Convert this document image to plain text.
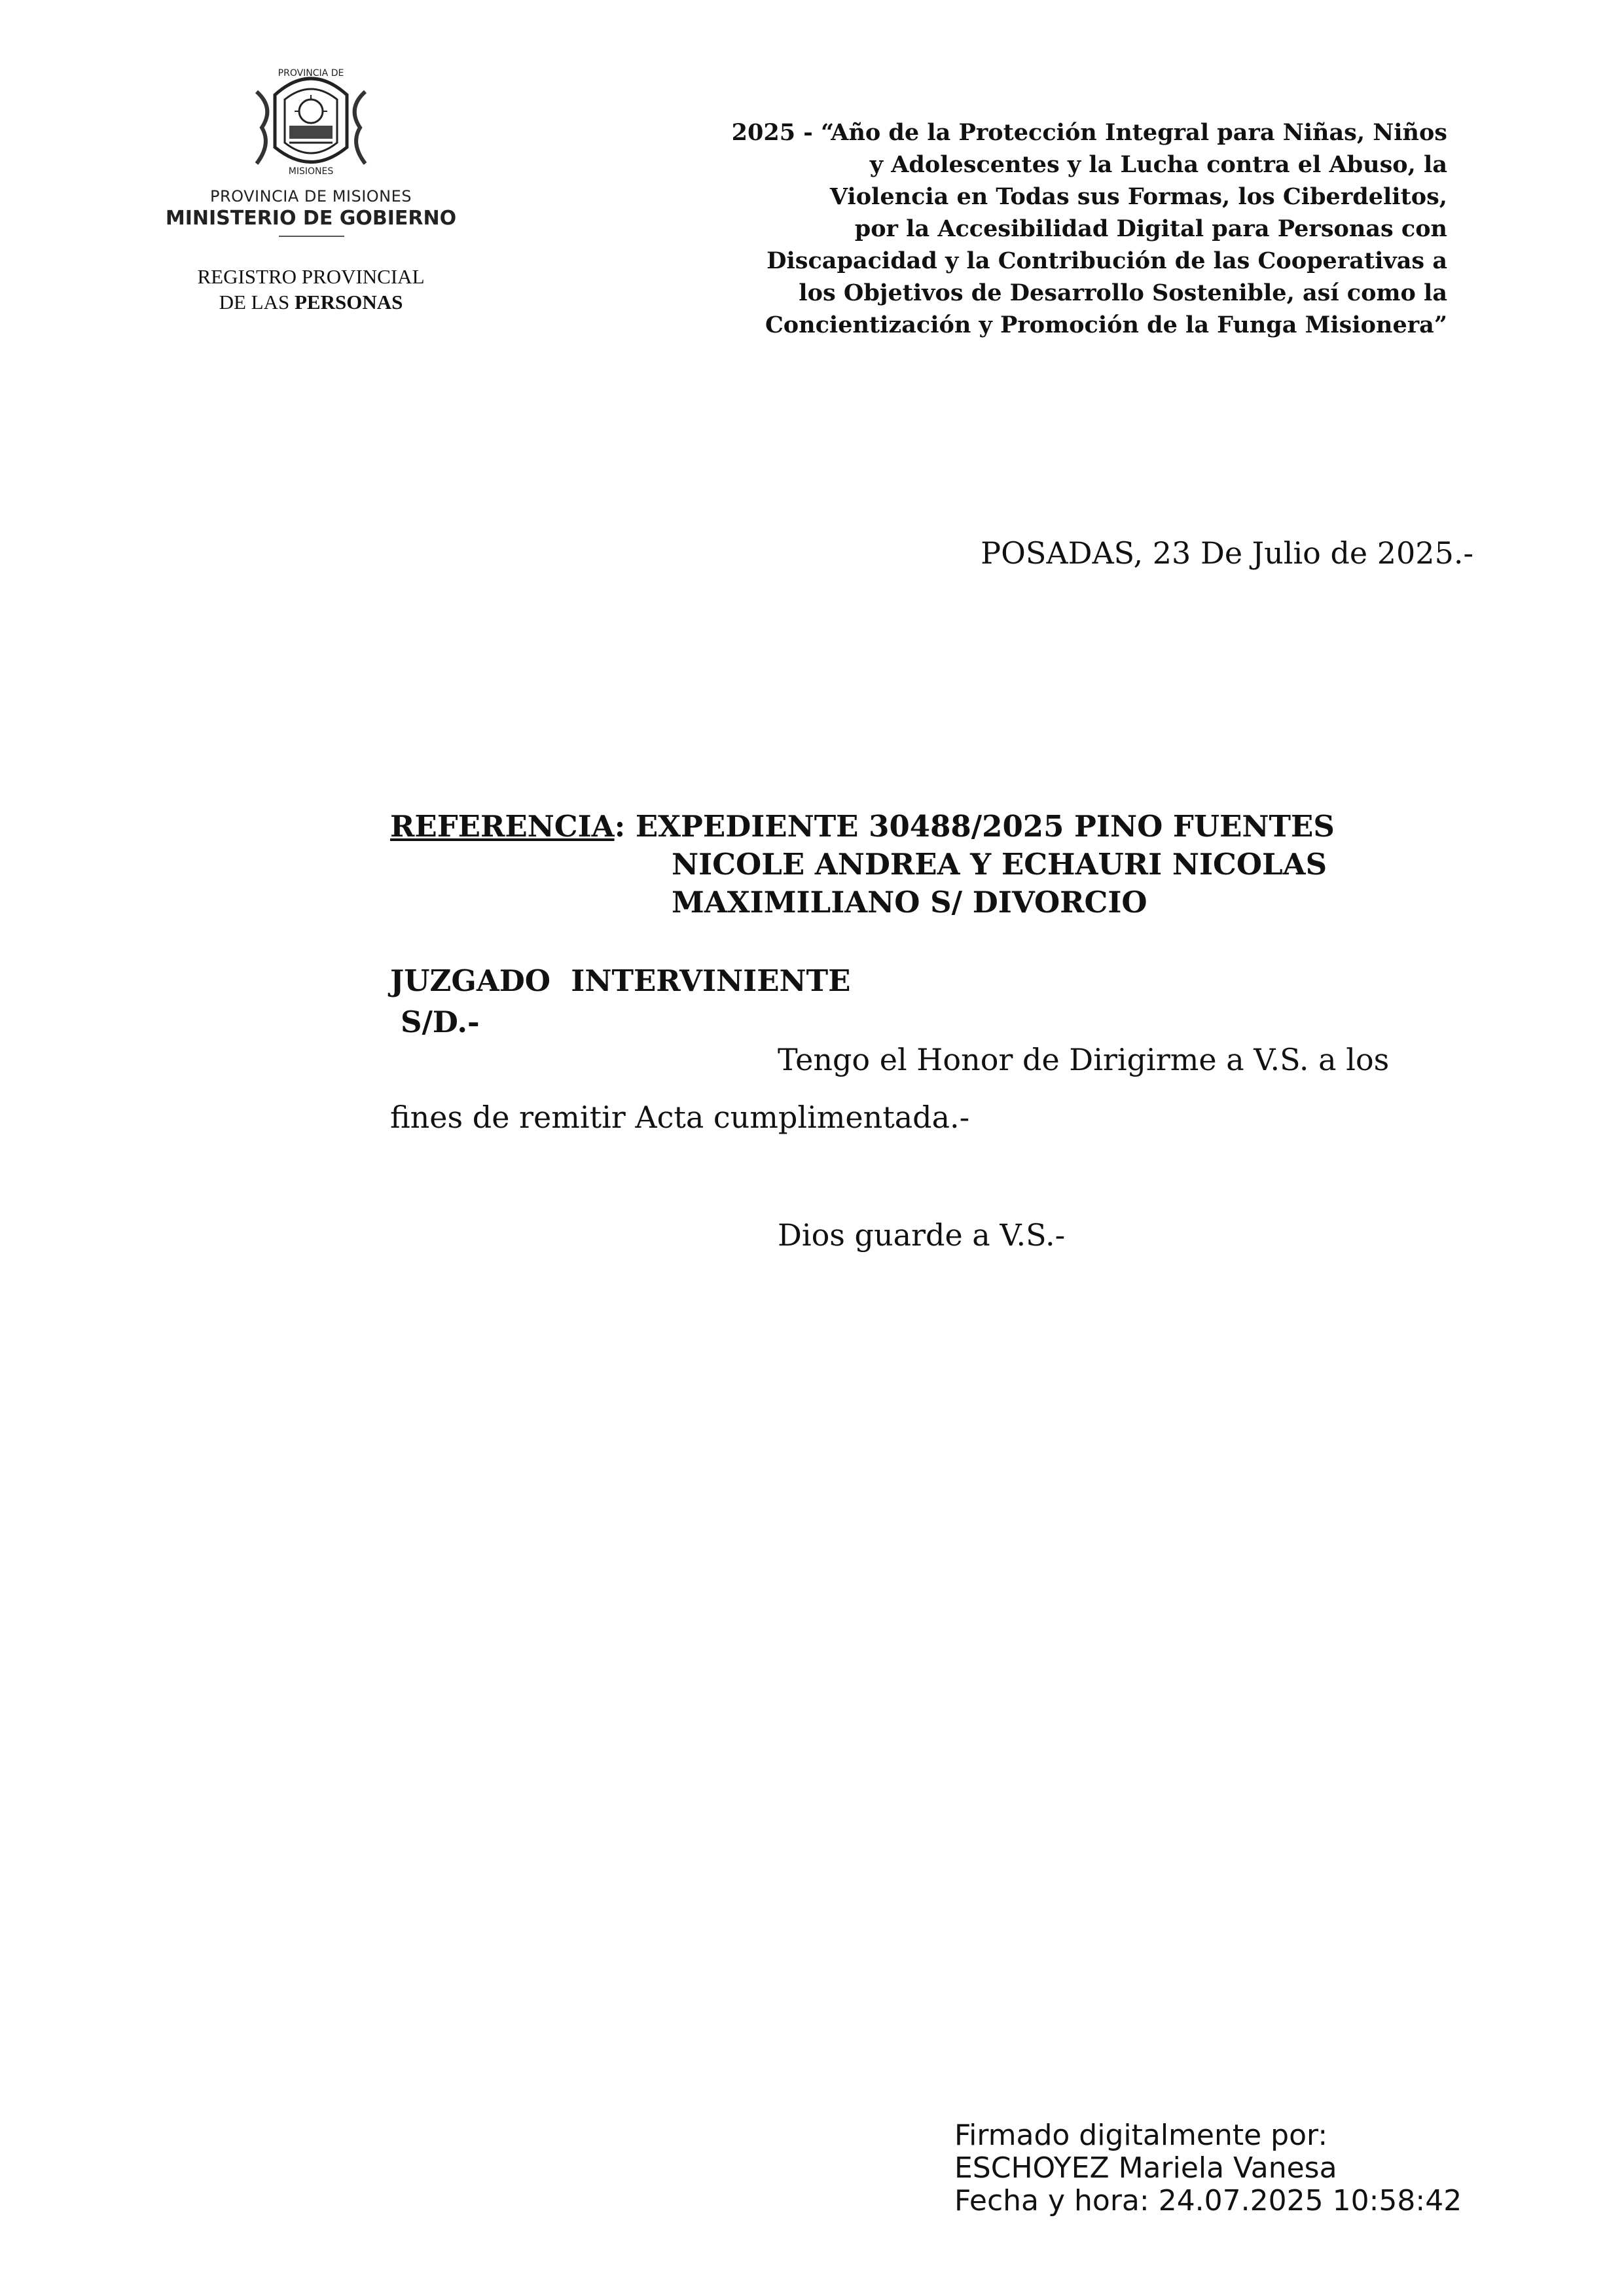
PROVINCIA DE
MISIONES
PROVINCIA DE MISIONES
MINISTERIO DE GOBIERNO
REGISTRO PROVINCIAL
DE LAS PERSONAS
2025 - “Año de la Protección Integral para Niñas, Niños
y Adolescentes y la Lucha contra el Abuso, la
Violencia en Todas sus Formas, los Ciberdelitos,
por la Accesibilidad Digital para Personas con
Discapacidad y la Contribución de las Cooperativas a
los Objetivos de Desarrollo Sostenible, así como la
Concientización y Promoción de la Funga Misionera”
POSADAS, 23 De Julio de 2025.-
REFERENCIA: EXPEDIENTE 30488/2025 PINO FUENTES
NICOLE ANDREA Y ECHAURI NICOLAS
MAXIMILIANO S/ DIVORCIO
JUZGADO  INTERVINIENTE
S/D.-
Tengo el Honor de Dirigirme a V.S. a los
fines de remitir Acta cumplimentada.-
Dios guarde a V.S.-
Firmado digitalmente por:
ESCHOYEZ Mariela Vanesa
Fecha y hora: 24.07.2025 10:58:42
